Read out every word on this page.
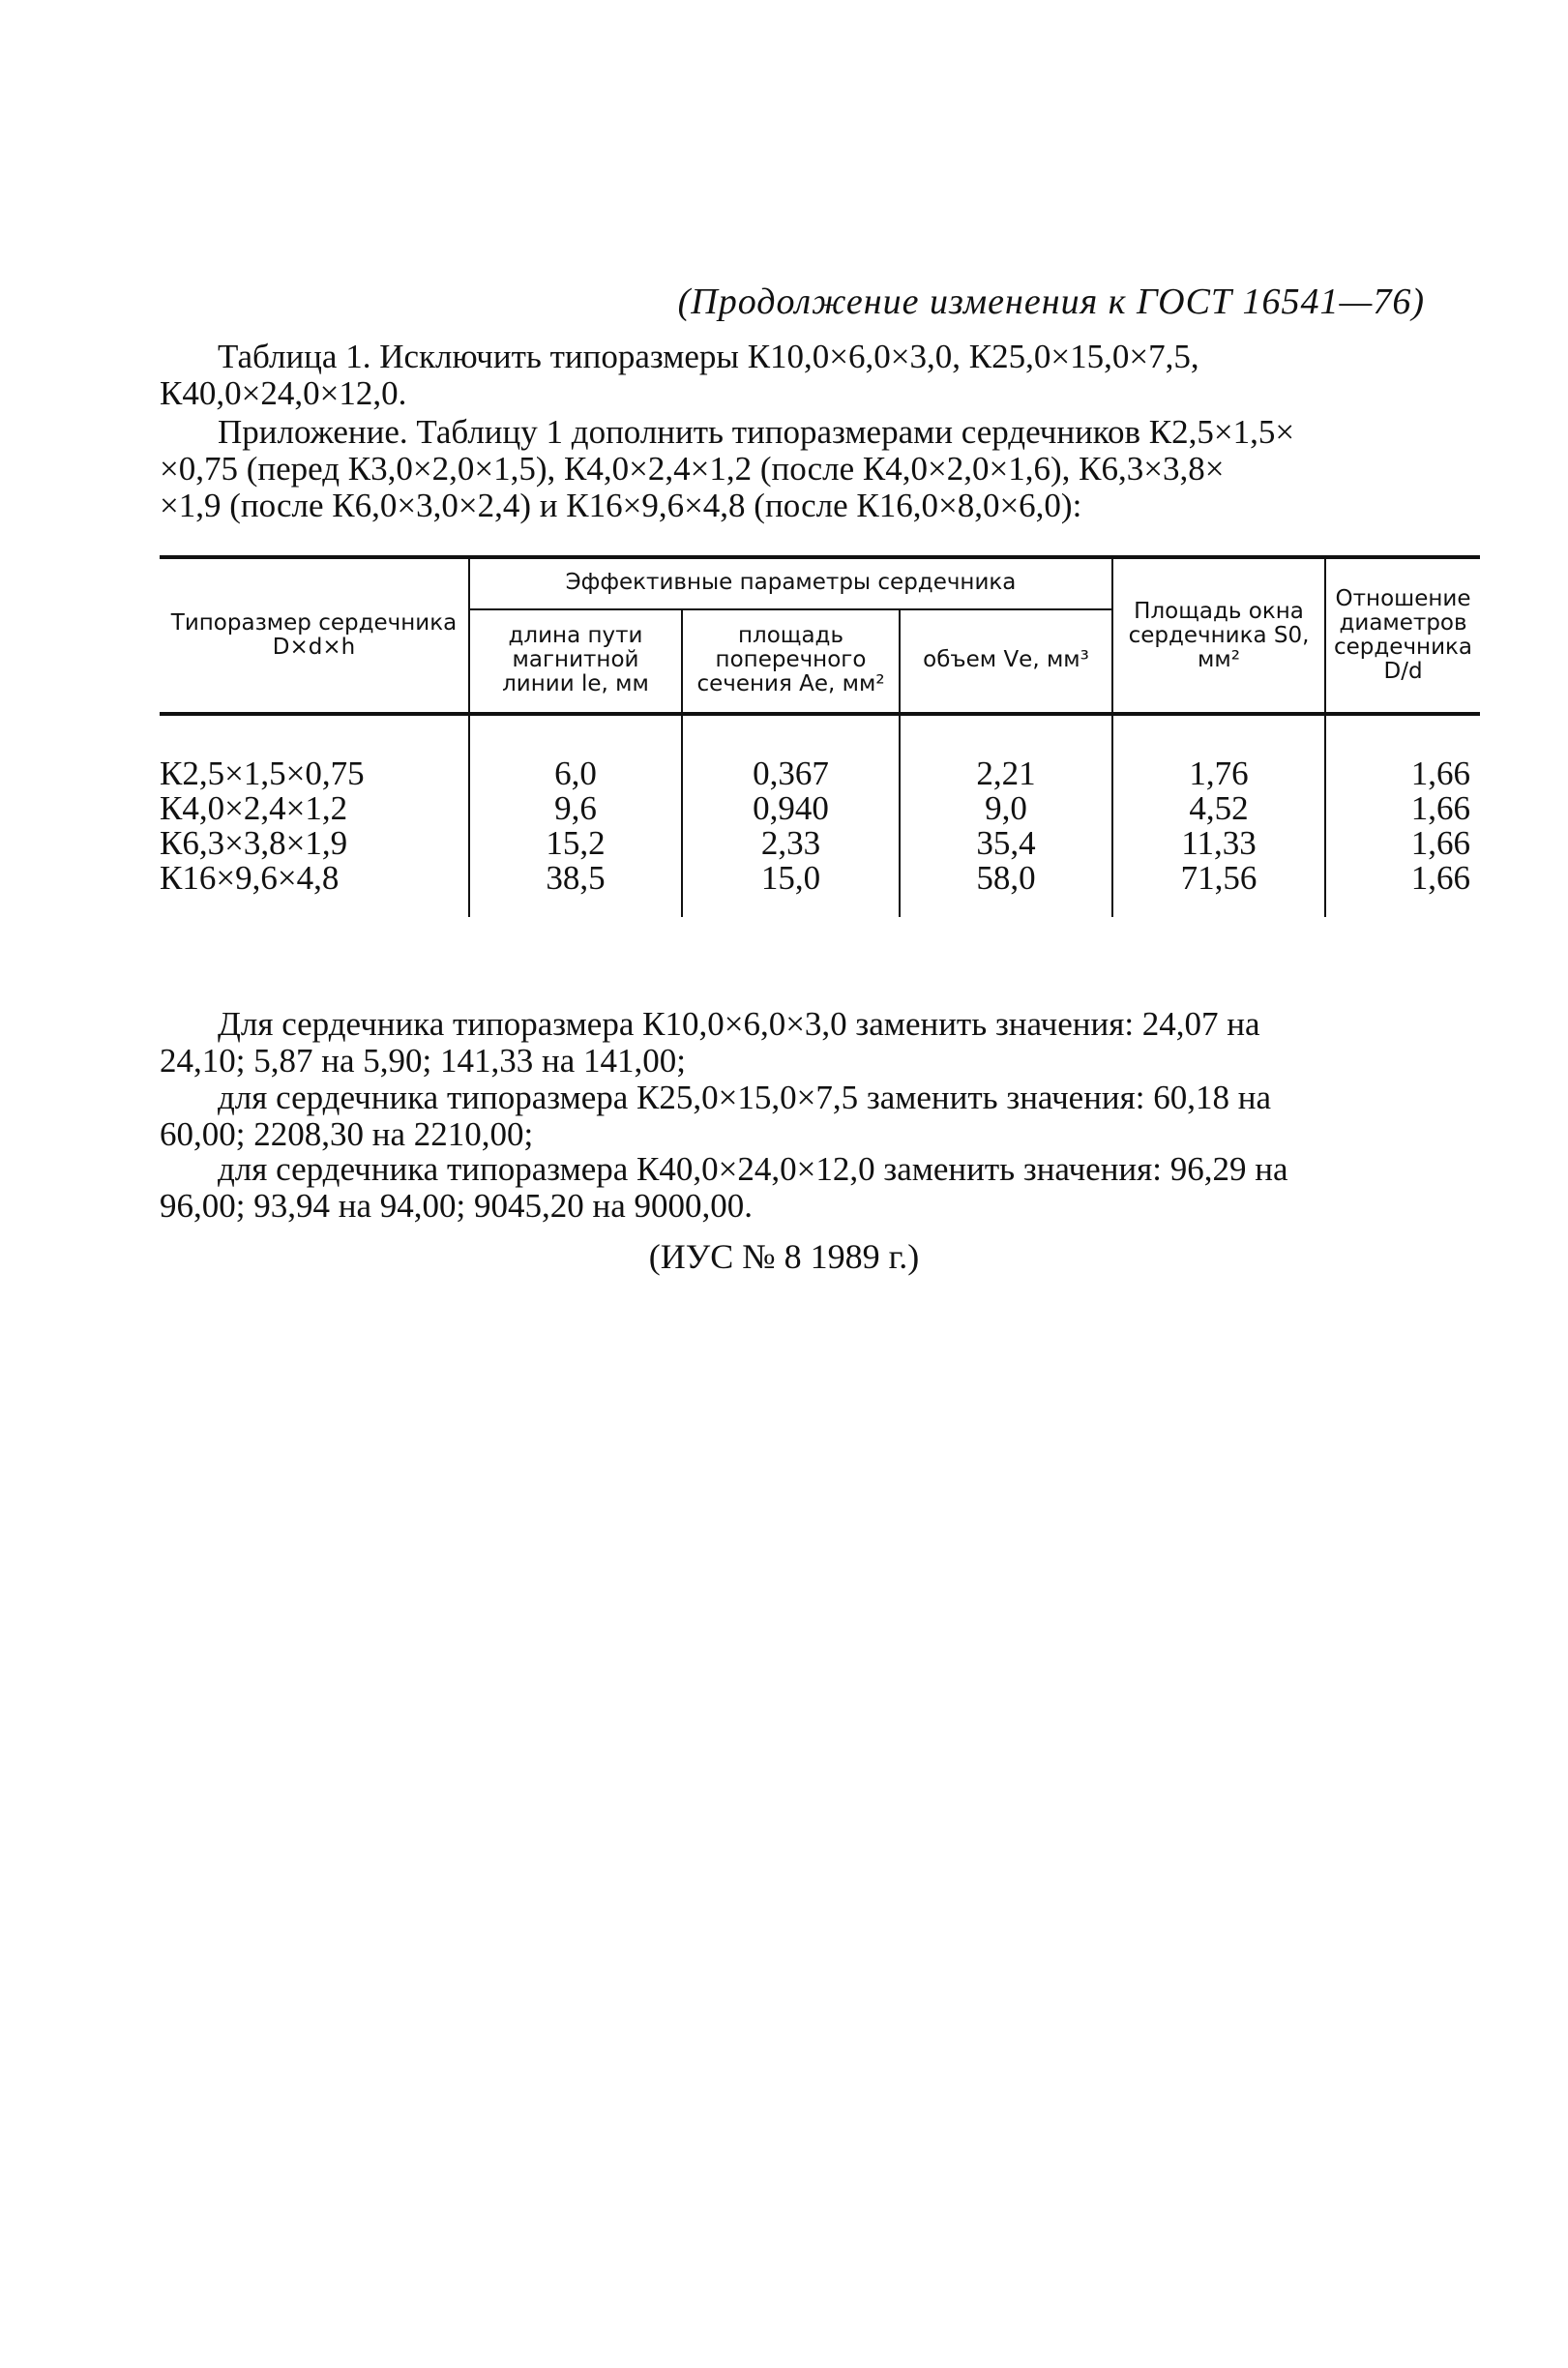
(Продолжение изменения к ГОСТ 16541—76)
Таблица 1. Исключить типоразмеры К10,0×6,0×3,0, К25,0×15,0×7,5,
К40,0×24,0×12,0.
Приложение. Таблицу 1 дополнить типоразмерами сердечников К2,5×1,5×
×0,75 (перед К3,0×2,0×1,5), К4,0×2,4×1,2 (после К4,0×2,0×1,6), К6,3×3,8×
×1,9 (после К6,0×3,0×2,4) и К16×9,6×4,8 (после К16,0×8,0×6,0):
Типоразмер сердечника D×d×h	Эффективные параметры сердечника			Площадь окна сердечника S0, мм²	Отношение диаметров сердечника D/d
	длина пути магнитной линии lе, мм	площадь поперечного сечения Ае, мм²	объем Vе, мм³		

К2,5×1,5×0,75	6,0	0,367	2,21	1,76	1,66
К4,0×2,4×1,2	9,6	0,940	9,0	4,52	1,66
К6,3×3,8×1,9	15,2	2,33	35,4	11,33	1,66
К16×9,6×4,8	38,5	15,0	58,0	71,56	1,66

Для сердечника типоразмера К10,0×6,0×3,0 заменить значения: 24,07 на
24,10; 5,87 на 5,90; 141,33 на 141,00;
для сердечника типоразмера К25,0×15,0×7,5 заменить значения: 60,18 на
60,00; 2208,30 на 2210,00;
для сердечника типоразмера К40,0×24,0×12,0 заменить значения: 96,29 на
96,00; 93,94 на 94,00; 9045,20 на 9000,00.
(ИУС № 8 1989 г.)
